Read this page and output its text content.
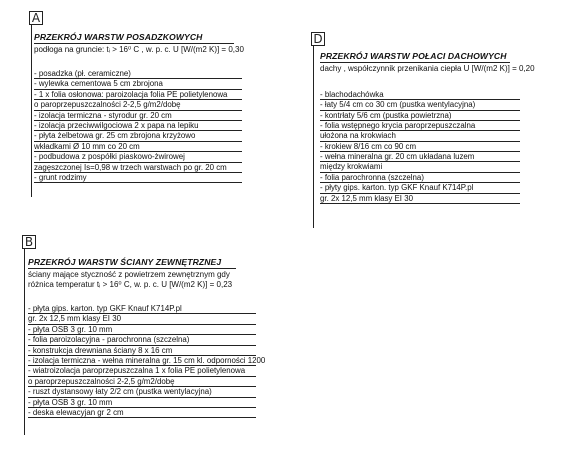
A
PRZEKRÓJ WARSTW POSADZKOWYCH
podłoga na gruncie: tᵢ > 16⁰ C , w. p. c. U [W/(m2 K)] = 0,30
- posadzka (pł. ceramiczne)
- wylewka cementowa 5 cm zbrojona
- 1 x folia osłonowa: paroizolacja folia PE polietylenowa
o paroprzepuszczalności 2-2,5 g/m2/dobę
- izolacja termiczna - styrodur gr. 20 cm
- izolacja przeciwwilgociowa 2 x papa na lepiku
- płyta żelbetowa gr. 25 cm zbrojona krzyżowo
wkładkami Ø 10 mm co 20 cm
- podbudowa z pospółki piaskowo-żwirowej
zagęszczonej Is=0,98 w trzech warstwach po gr. 20 cm
- grunt rodzimy
D
PRZEKRÓJ WARSTW POŁACI DACHOWYCH
dachy , współczynnik przenikania ciepła U [W/(m2 K)] = 0,20
- blachodachówka
- łaty 5/4 cm co 30 cm (pustka wentylacyjna)
- kontrłaty 5/6 cm (pustka powietrzna)
- folia wstępnego krycia paroprzepuszczalna
ułożona na krokwiach
- krokiew 8/16 cm co 90 cm
- wełna mineralna gr. 20 cm układana luzem
między krokwiami
- folia parochronna (szczelna)
- płyty gips. karton. typ GKF Knauf K714P.pl
gr. 2x 12,5 mm klasy EI 30
B
PRZEKRÓJ WARSTW ŚCIANY ZEWNĘTRZNEJ
ściany mające styczność z powietrzem zewnętrznym gdy
różnica temperatur tᵢ > 16⁰ C, w. p. c. U [W/(m2 K)] = 0,23
- płyta gips. karton. typ GKF Knauf K714P.pl
gr. 2x 12,5 mm klasy EI 30
- płyta OSB 3 gr. 10 mm
- folia paroizolacyjna - parochronna (szczelna)
- konstrukcja drewniana ściany 8 x 16 cm
- izolacja termiczna - wełna mineralna gr. 15 cm kl. odporności 1200
- wiatroizolacja paroprzepuszczalna 1 x folia PE polietylenowa
o paroprzepuszczalności 2-2,5 g/m2/dobę
- ruszt dystansowy łaty 2/2 cm (pustka wentylacyjna)
- płyta OSB 3 gr. 10 mm
- deska elewacyjan gr 2 cm
